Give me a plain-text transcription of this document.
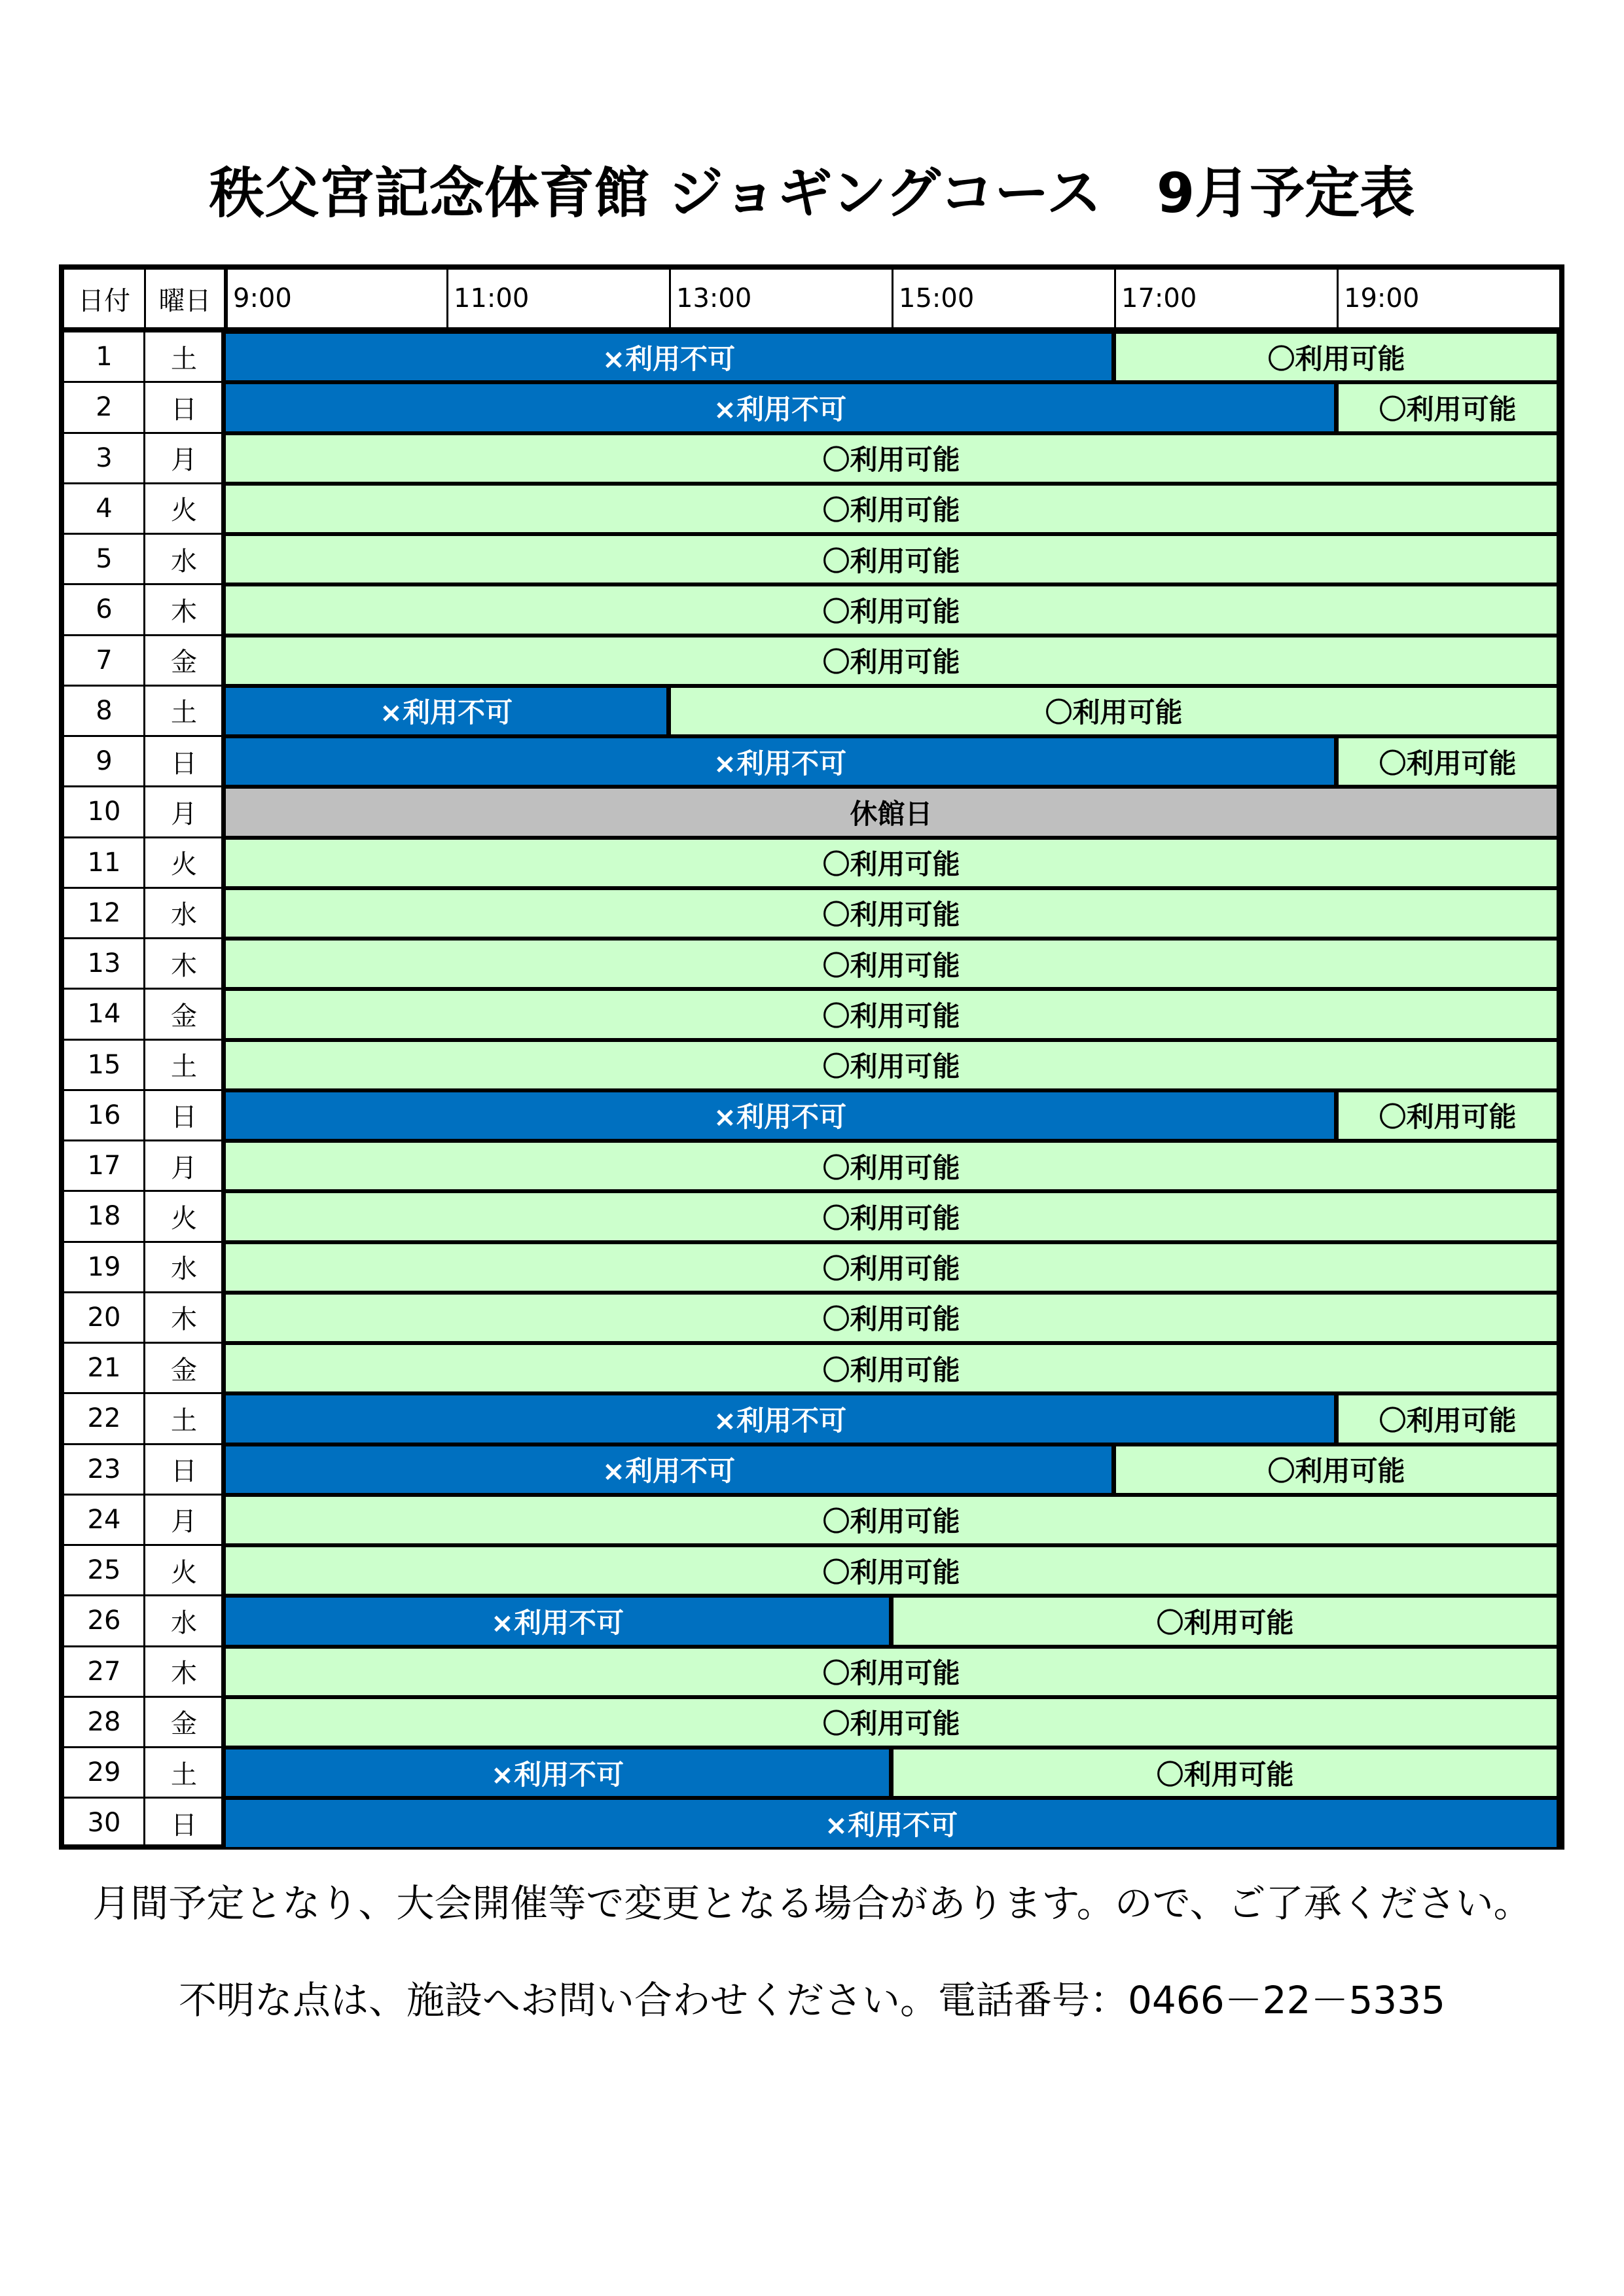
秩父宮記念体育館 ジョギングコース　9月予定表
日付	曜日 9:00	11:00	13:00	15:00	17:00	19:00
1	土	×利用不可	〇利用可能
2	日	×利用不可	〇利用可能
3	月	〇利用可能
4	火	〇利用可能
5	水	〇利用可能
6	木	〇利用可能
7	金	〇利用可能
8	土	×利用不可	〇利用可能
9	日	×利用不可	〇利用可能
10	月	休館日
11	火	〇利用可能
12	水	〇利用可能
13	木	〇利用可能
14	金	〇利用可能
15	土	〇利用可能
16	日	×利用不可	〇利用可能
17	月	〇利用可能
18	火	〇利用可能
19	水	〇利用可能
20	木	〇利用可能
21	金	〇利用可能
22	土	×利用不可	〇利用可能
23	日	×利用不可	〇利用可能
24	月	〇利用可能
25	火	〇利用可能
26	水	×利用不可	〇利用可能
27	木	〇利用可能
28	金	〇利用可能
29	土	×利用不可	〇利用可能
30	日	×利用不可
月間予定となり、大会開催等で変更となる場合があります。ので、ご了承ください。
不明な点は、施設へお問い合わせください。電話番号：0466－22－5335
